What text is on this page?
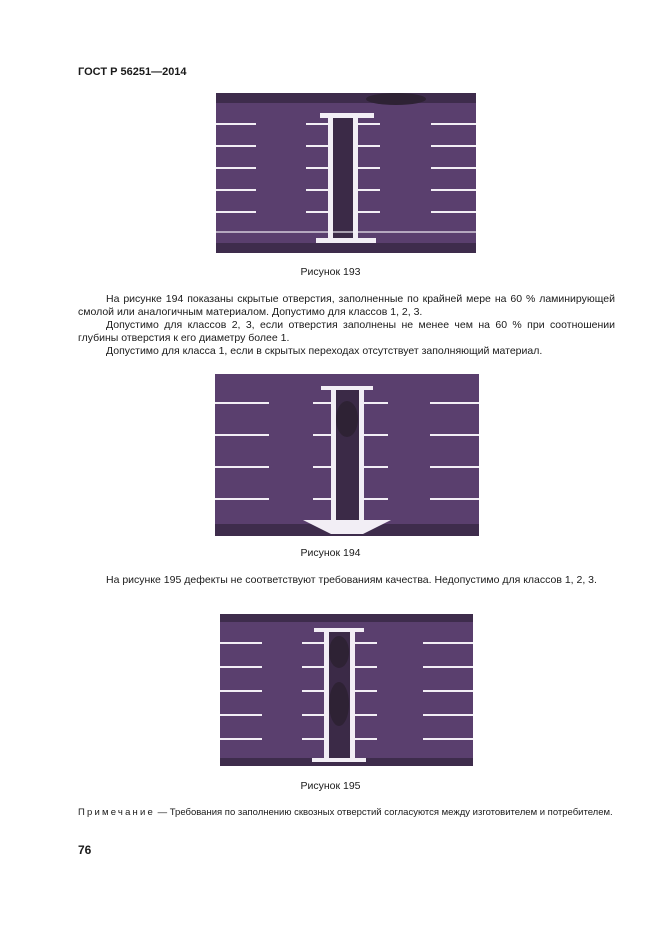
ГОСТ Р 56251—2014
Рисунок 193

На рисунке 194 показаны скрытые отверстия, заполненные по крайней мере на 60 % ламинирующей смолой или аналогичным материалом. Допустимо для классов 1, 2, 3.

Допустимо для классов 2, 3, если отверстия заполнены не менее чем на 60 % при соотношении глубины отверстия к его диаметру более 1.

Допустимо для класса 1, если в скрытых переходах отсутствует заполняющий материал.

Рисунок 194

На рисунке 195 дефекты не соответствуют требованиям качества. Недопустимо для классов 1, 2, 3.

Рисунок 195
Примечание — Требования по заполнению сквозных отверстий согласуются между изготовителем и потребителем.
76
